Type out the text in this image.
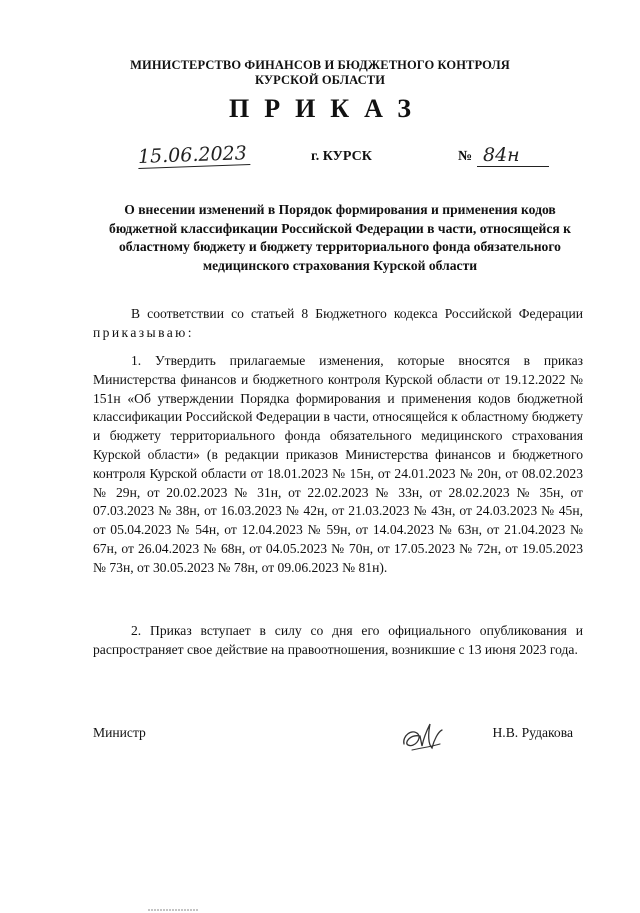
МИНИСТЕРСТВО ФИНАНСОВ И БЮДЖЕТНОГО КОНТРОЛЯ
КУРСКОЙ ОБЛАСТИ
ПРИКАЗ
15.06.2023	г. КУРСК	№ 84н
О внесении изменений в Порядок формирования и применения кодов бюджетной классификации Российской Федерации в части, относящейся к областному бюджету и бюджету территориального фонда обязательного медицинского страхования Курской области
В соответствии со статьей 8 Бюджетного кодекса Российской Федерации приказываю:
1. Утвердить прилагаемые изменения, которые вносятся в приказ Министерства финансов и бюджетного контроля Курской области от 19.12.2022 № 151н «Об утверждении Порядка формирования и применения кодов бюджетной классификации Российской Федерации в части, относящейся к областному бюджету и бюджету территориального фонда обязательного медицинского страхования Курской области» (в редакции приказов Министерства финансов и бюджетного контроля Курской области от 18.01.2023 № 15н, от 24.01.2023 № 20н, от 08.02.2023 № 29н, от 20.02.2023 № 31н, от 22.02.2023 № 33н, от 28.02.2023 № 35н, от 07.03.2023 № 38н, от 16.03.2023 № 42н, от 21.03.2023 № 43н, от 24.03.2023 № 45н, от 05.04.2023 № 54н, от 12.04.2023 № 59н, от 14.04.2023 № 63н, от 21.04.2023 № 67н, от 26.04.2023 № 68н, от 04.05.2023 № 70н, от 17.05.2023 № 72н, от 19.05.2023 № 73н, от 30.05.2023 № 78н, от 09.06.2023 № 81н).
2. Приказ вступает в силу со дня его официального опубликования и распространяет свое действие на правоотношения, возникшие с 13 июня 2023 года.
Министр	Н.В. Рудакова
